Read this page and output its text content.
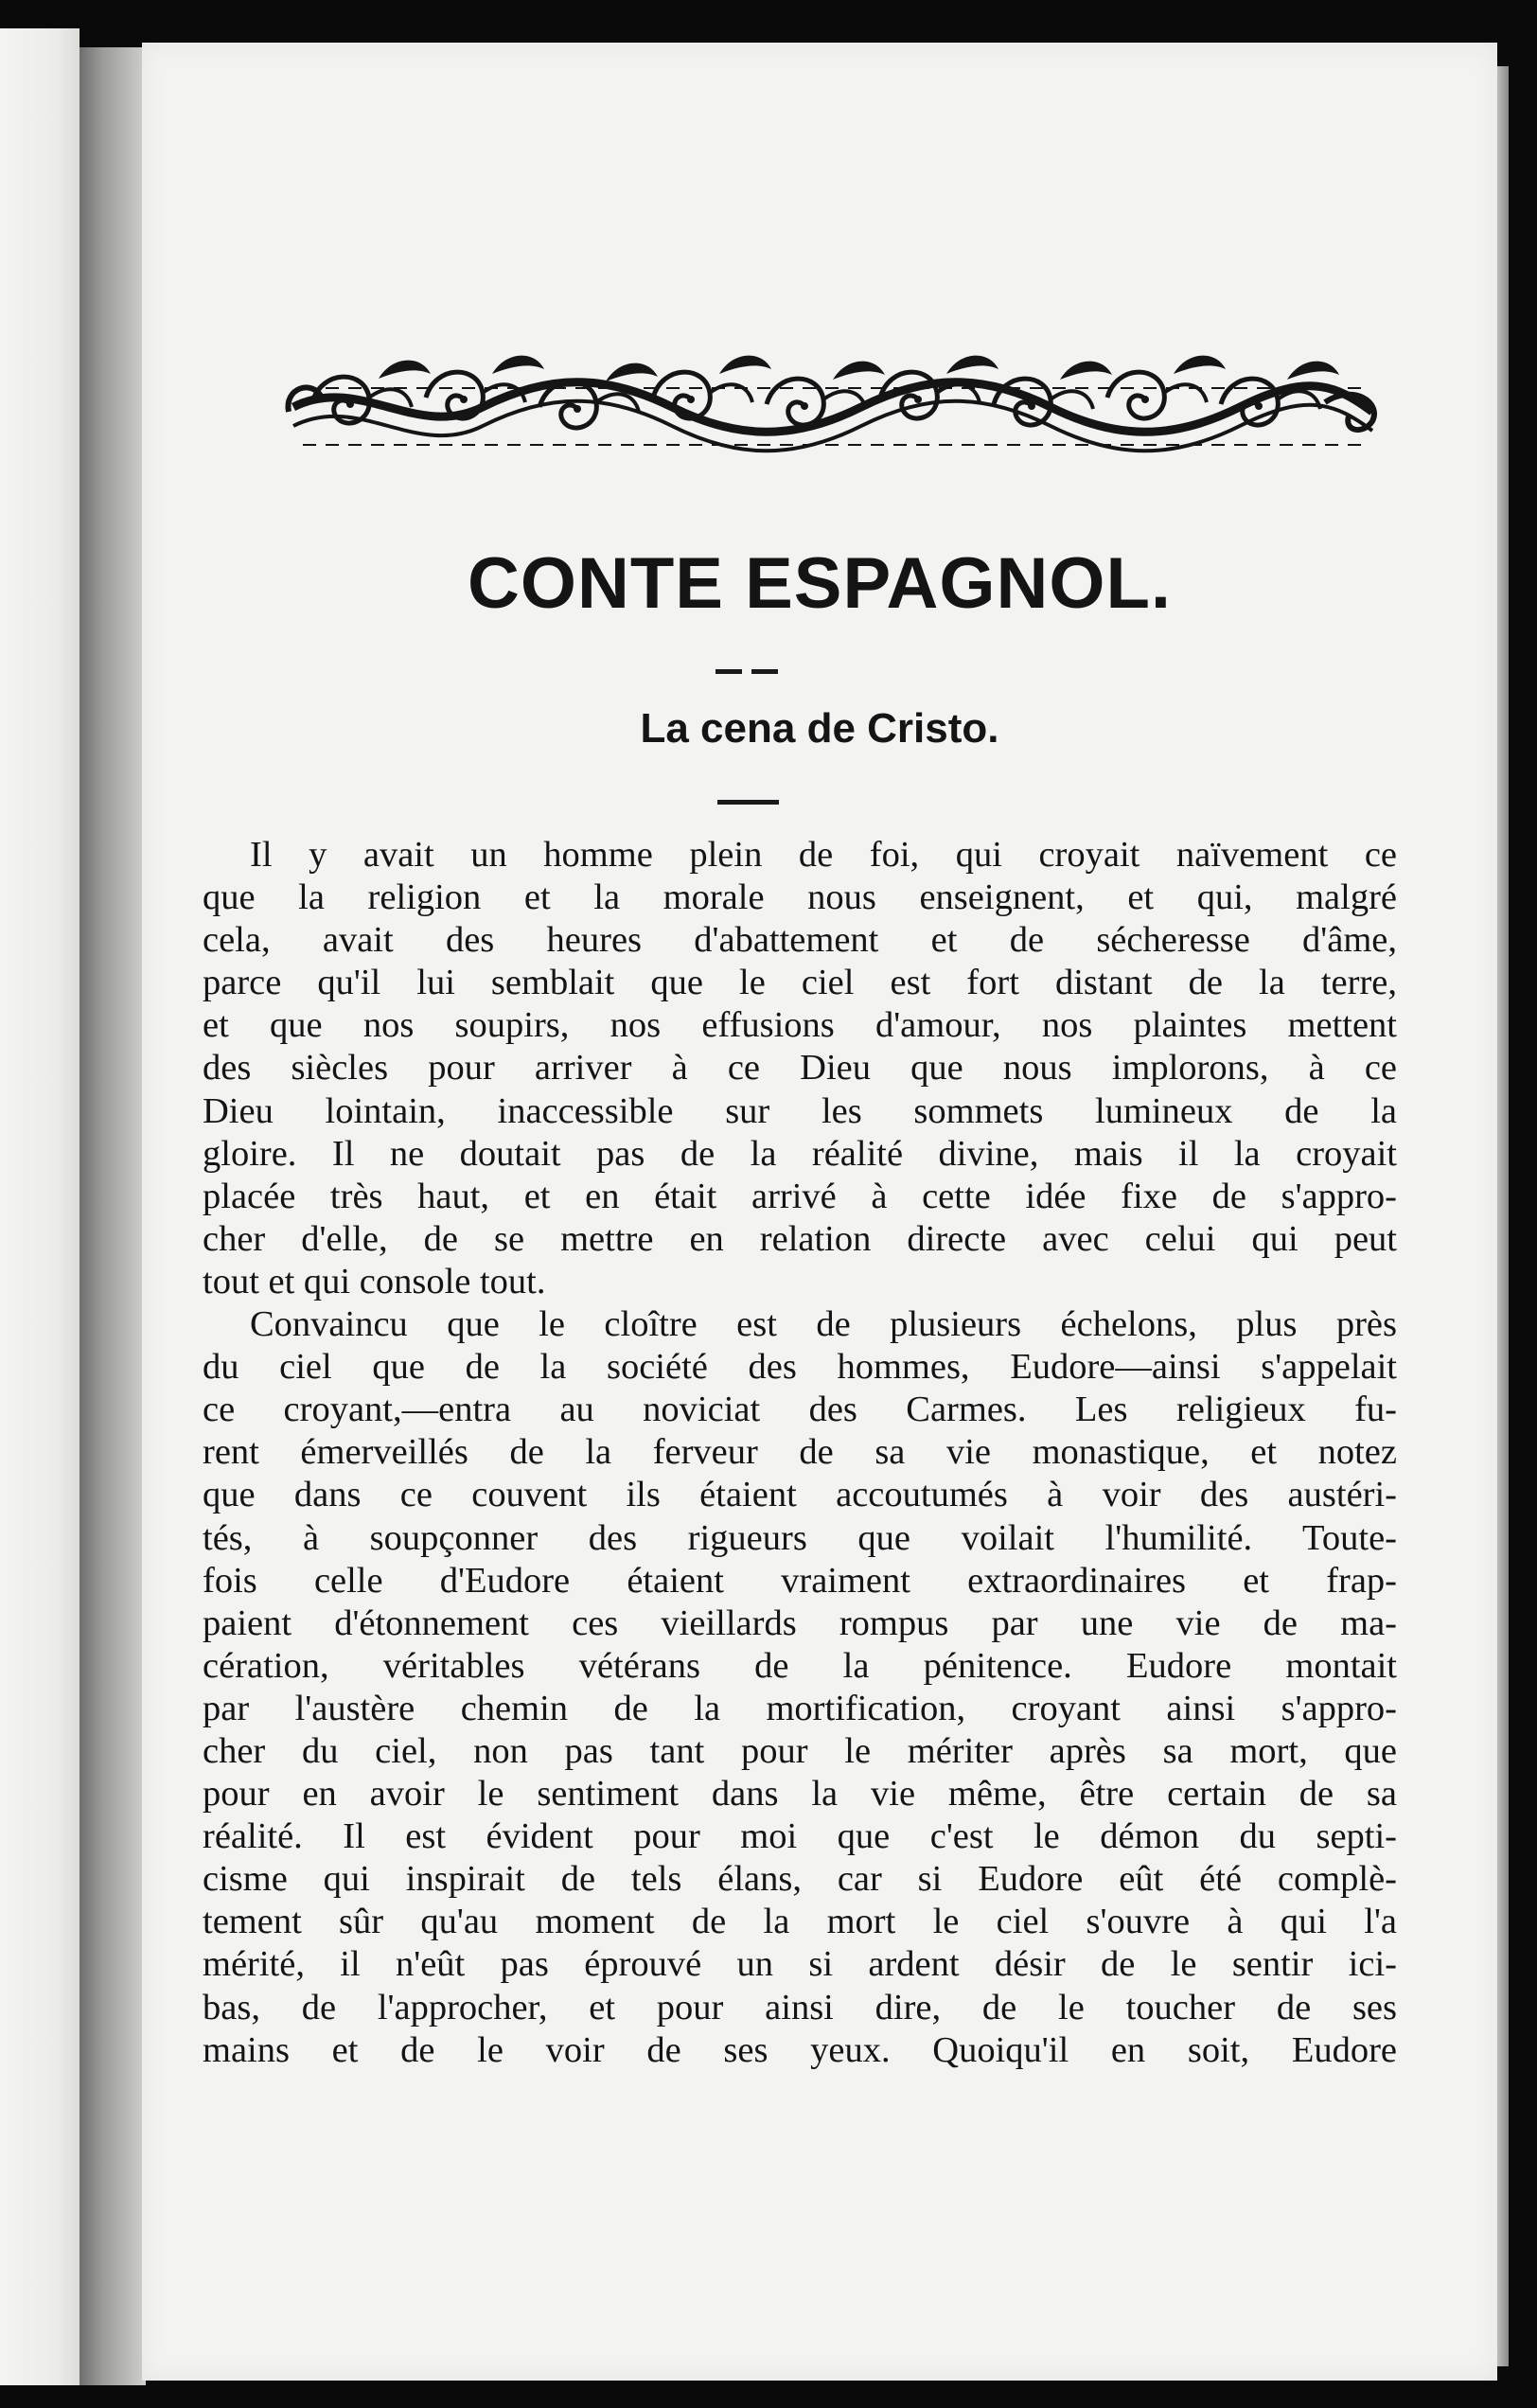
CONTE ESPAGNOL.
La cena de Cristo.
Il y avait un homme plein de foi, qui croyait naïvement ce
que la religion et la morale nous enseignent, et qui, malgré
cela, avait des heures d'abattement et de sécheresse d'âme,
parce qu'il lui semblait que le ciel est fort distant de la terre,
et que nos soupirs, nos effusions d'amour, nos plaintes mettent
des siècles pour arriver à ce Dieu que nous implorons, à ce
Dieu lointain, inaccessible sur les sommets lumineux de la
gloire. Il ne doutait pas de la réalité divine, mais il la croyait
placée très haut, et en était arrivé à cette idée fixe de s'appro-
cher d'elle, de se mettre en relation directe avec celui qui peut
tout et qui console tout.
Convaincu que le cloître est de plusieurs échelons, plus près
du ciel que de la société des hommes, Eudore—ainsi s'appelait
ce croyant,—entra au noviciat des Carmes. Les religieux fu-
rent émerveillés de la ferveur de sa vie monastique, et notez
que dans ce couvent ils étaient accoutumés à voir des austéri-
tés, à soupçonner des rigueurs que voilait l'humilité. Toute-
fois celle d'Eudore étaient vraiment extraordinaires et frap-
paient d'étonnement ces vieillards rompus par une vie de ma-
cération, véritables vétérans de la pénitence. Eudore montait
par l'austère chemin de la mortification, croyant ainsi s'appro-
cher du ciel, non pas tant pour le mériter après sa mort, que
pour en avoir le sentiment dans la vie même, être certain de sa
réalité. Il est évident pour moi que c'est le démon du septi-
cisme qui inspirait de tels élans, car si Eudore eût été complè-
tement sûr qu'au moment de la mort le ciel s'ouvre à qui l'a
mérité, il n'eût pas éprouvé un si ardent désir de le sentir ici-
bas, de l'approcher, et pour ainsi dire, de le toucher de ses
mains et de le voir de ses yeux. Quoiqu'il en soit, Eudore
